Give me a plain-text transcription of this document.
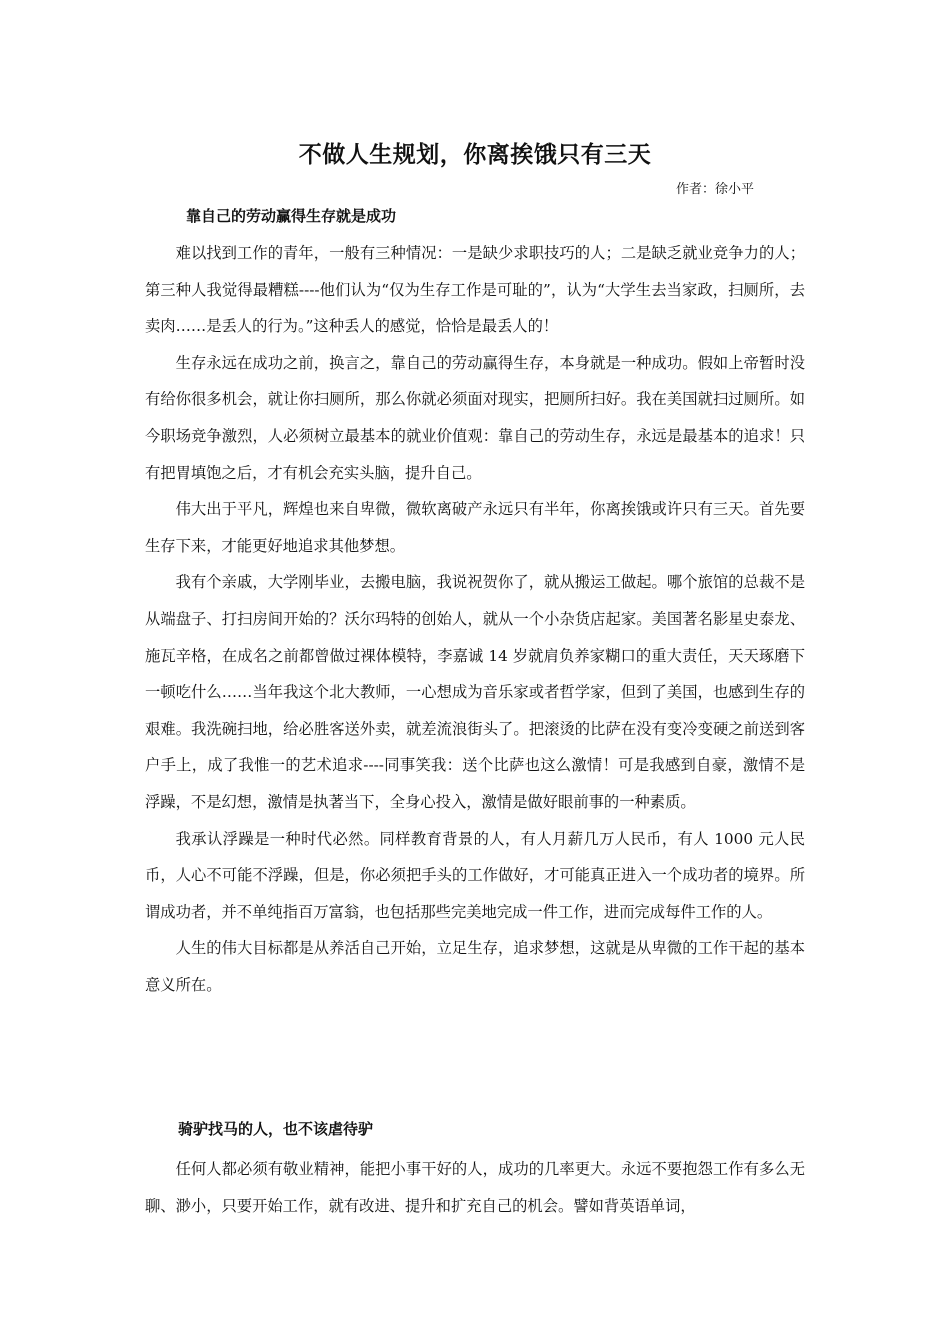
不做人生规划，你离挨饿只有三天
作者：徐小平
靠自己的劳动赢得生存就是成功

难以找到工作的青年，一般有三种情况：一是缺少求职技巧的人；二是缺乏就业竞争力的人；第三种人我觉得最糟糕----他们认为“仅为生存工作是可耻的”，认为“大学生去当家政，扫厕所，去卖肉……是丢人的行为。”这种丢人的感觉，恰恰是最丢人的！

生存永远在成功之前，换言之，靠自己的劳动赢得生存，本身就是一种成功。假如上帝暂时没有给你很多机会，就让你扫厕所，那么你就必须面对现实，把厕所扫好。我在美国就扫过厕所。如今职场竞争激烈，人必须树立最基本的就业价值观：靠自己的劳动生存，永远是最基本的追求！只有把胃填饱之后，才有机会充实头脑，提升自己。

伟大出于平凡，辉煌也来自卑微，微软离破产永远只有半年，你离挨饿或许只有三天。首先要生存下来，才能更好地追求其他梦想。

我有个亲戚，大学刚毕业，去搬电脑，我说祝贺你了，就从搬运工做起。哪个旅馆的总裁不是从端盘子、打扫房间开始的？沃尔玛特的创始人，就从一个小杂货店起家。美国著名影星史泰龙、施瓦辛格，在成名之前都曾做过裸体模特，李嘉诚 14 岁就肩负养家糊口的重大责任，天天琢磨下一顿吃什么……当年我这个北大教师，一心想成为音乐家或者哲学家，但到了美国，也感到生存的艰难。我洗碗扫地，给必胜客送外卖，就差流浪街头了。把滚烫的比萨在没有变冷变硬之前送到客户手上，成了我惟一的艺术追求----同事笑我：送个比萨也这么激情！可是我感到自豪，激情不是浮躁，不是幻想，激情是执著当下，全身心投入，激情是做好眼前事的一种素质。

我承认浮躁是一种时代必然。同样教育背景的人，有人月薪几万人民币，有人 1000 元人民币，人心不可能不浮躁，但是，你必须把手头的工作做好，才可能真正进入一个成功者的境界。所谓成功者，并不单纯指百万富翁，也包括那些完美地完成一件工作，进而完成每件工作的人。

人生的伟大目标都是从养活自己开始，立足生存，追求梦想，这就是从卑微的工作干起的基本意义所在。

骑驴找马的人，也不该虐待驴

任何人都必须有敬业精神，能把小事干好的人，成功的几率更大。永远不要抱怨工作有多么无聊、渺小，只要开始工作，就有改进、提升和扩充自己的机会。譬如背英语单词，
